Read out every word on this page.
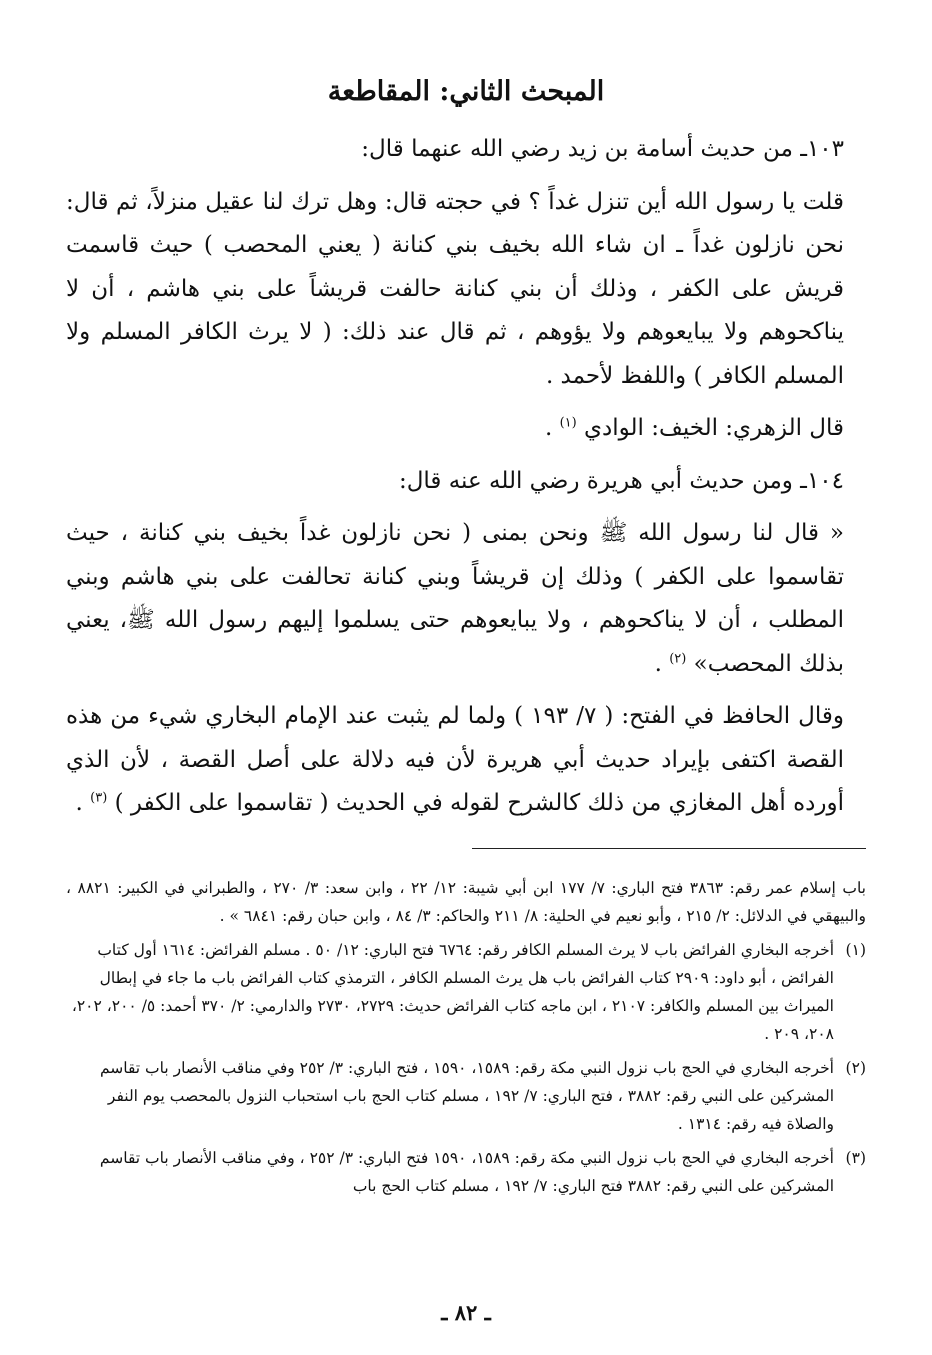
المبحث الثاني: المقاطعة

١٠٣ـ من حديث أسامة بن زيد رضي الله عنهما قال:

قلت يا رسول الله أين تنزل غداً ؟ في حجته قال: وهل ترك لنا عقيل منزلاً، ثم قال: نحن نازلون غداً ـ ان شاء الله بخيف بني كنانة ( يعني المحصب ) حيث قاسمت قريش على الكفر ، وذلك أن بني كنانة حالفت قريشاً على بني هاشم ، أن لا يناكحوهم ولا يبايعوهم ولا يؤوهم ، ثم قال عند ذلك: ( لا يرث الكافر المسلم ولا المسلم الكافر ) واللفظ لأحمد .

قال الزهري: الخيف: الوادي $^{(١)}$ .

١٠٤ـ ومن حديث أبي هريرة رضي الله عنه قال:

« قال لنا رسول الله ﷺ ونحن بمنى ( نحن نازلون غداً بخيف بني كنانة ، حيث تقاسموا على الكفر ) وذلك إن قريشاً وبني كنانة تحالفت على بني هاشم وبني المطلب ، أن لا يناكحوهم ، ولا يبايعوهم حتى يسلموا إليهم رسول الله ﷺ، يعني بذلك المحصب» $^{(٢)}$ .

وقال الحافظ في الفتح: ( ٧/ ١٩٣ ) ولما لم يثبت عند الإمام البخاري شيء من هذه القصة اكتفى بإيراد حديث أبي هريرة لأن فيه دلالة على أصل القصة ، لأن الذي أورده أهل المغازي من ذلك كالشرح لقوله في الحديث ( تقاسموا على الكفر ) $^{(٣)}$ .

باب إسلام عمر رقم: ٣٨٦٣ فتح الباري: ٧/ ١٧٧ ابن أبي شيبة: ١٢/ ٢٢ ، وابن سعد: ٣/ ٢٧٠ ، والطبراني في الكبير: ٨٨٢١ ، والبيهقي في الدلائل: ٢/ ٢١٥ ، وأبو نعيم في الحلية: ٨/ ٢١١ والحاكم: ٣/ ٨٤ ، وابن حبان رقم: ٦٨٤١ » .

(١)
أخرجه البخاري الفرائض باب لا يرث المسلم الكافر رقم: ٦٧٦٤ فتح الباري: ١٢/ ٥٠ . مسلم الفرائض: ١٦١٤ أول كتاب الفرائض ، أبو داود: ٢٩٠٩ كتاب الفرائض باب هل يرث المسلم الكافر ، الترمذي كتاب الفرائض باب ما جاء في إبطال الميراث بين المسلم والكافر: ٢١٠٧ ، ابن ماجه كتاب الفرائض حديث: ٢٧٢٩، ٢٧٣٠ والدارمي: ٢/ ٣٧٠ أحمد: ٥/ ٢٠٠، ٢٠٢، ٢٠٨، ٢٠٩ .
(٢)
أخرجه البخاري في الحج باب نزول النبي مكة رقم: ١٥٨٩، ١٥٩٠ ، فتح الباري: ٣/ ٢٥٢ وفي مناقب الأنصار باب تقاسم المشركين على النبي رقم: ٣٨٨٢ ، فتح الباري: ٧/ ١٩٢ ، مسلم كتاب الحج باب استحباب النزول بالمحصب يوم النفر والصلاة فيه رقم: ١٣١٤ .
(٣)
أخرجه البخاري في الحج باب نزول النبي مكة رقم: ١٥٨٩، ١٥٩٠ فتح الباري: ٣/ ٢٥٢ ، وفي مناقب الأنصار باب تقاسم المشركين على النبي رقم: ٣٨٨٢ فتح الباري: ٧/ ١٩٢ ، مسلم كتاب الحج باب
ـ ٨٢ ـ
